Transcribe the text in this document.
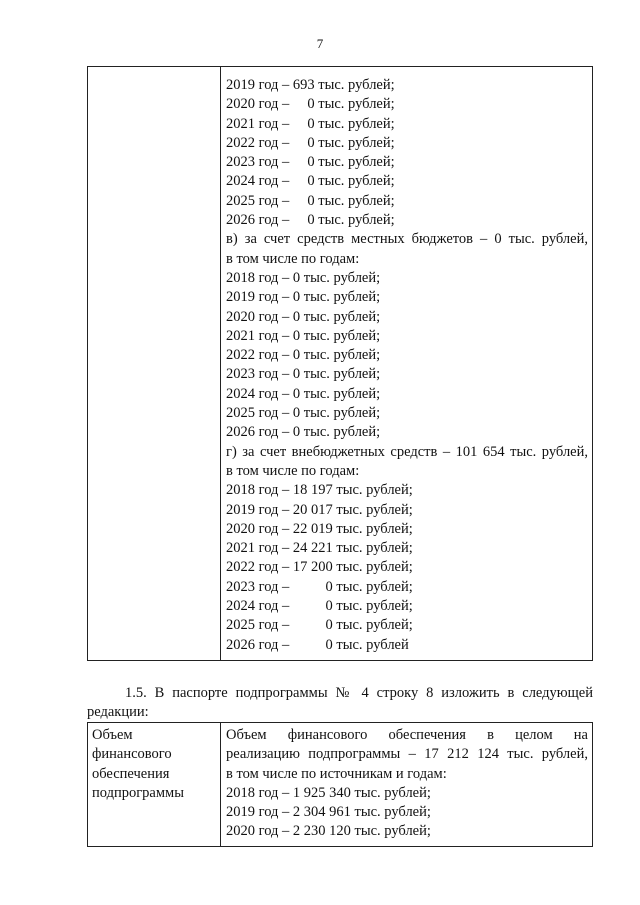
7
2019 год – 693 тыс. рублей;
2020 год –     0 тыс. рублей;
2021 год –     0 тыс. рублей;
2022 год –     0 тыс. рублей;
2023 год –     0 тыс. рублей;
2024 год –     0 тыс. рублей;
2025 год –     0 тыс. рублей;
2026 год –     0 тыс. рублей;
в) за счет средств местных бюджетов – 0 тыс. рублей,
в том числе по годам:
2018 год – 0 тыс. рублей;
2019 год – 0 тыс. рублей;
2020 год – 0 тыс. рублей;
2021 год – 0 тыс. рублей;
2022 год – 0 тыс. рублей;
2023 год – 0 тыс. рублей;
2024 год – 0 тыс. рублей;
2025 год – 0 тыс. рублей;
2026 год – 0 тыс. рублей;
г) за счет внебюджетных средств – 101 654 тыс. рублей,
в том числе по годам:
2018 год – 18 197 тыс. рублей;
2019 год – 20 017 тыс. рублей;
2020 год – 22 019 тыс. рублей;
2021 год – 24 221 тыс. рублей;
2022 год – 17 200 тыс. рублей;
2023 год –          0 тыс. рублей;
2024 год –          0 тыс. рублей;
2025 год –          0 тыс. рублей;
2026 год –          0 тыс. рублей
1.5. В паспорте подпрограммы № 4 строку 8 изложить в следующей
редакции:
Объем
финансового
обеспечения
подпрограммы
Объем финансового обеспечения в целом на
реализацию подпрограммы – 17 212 124 тыс. рублей,
в том числе по источникам и годам:
2018 год – 1 925 340 тыс. рублей;
2019 год – 2 304 961 тыс. рублей;
2020 год – 2 230 120 тыс. рублей;
